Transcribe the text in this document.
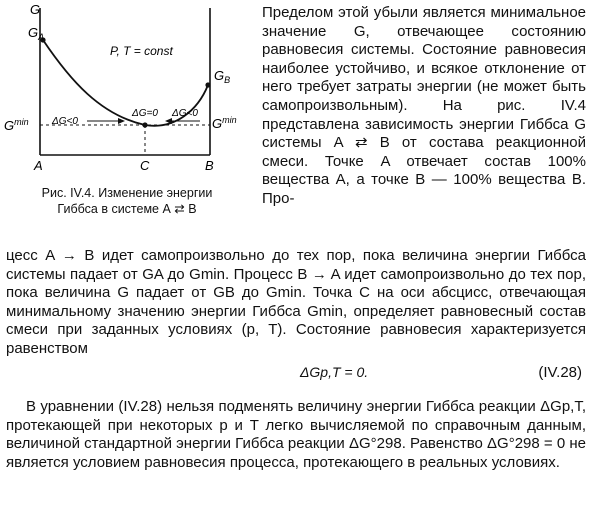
G
$G_A$
$G_B$
$G^{min}$	$G^{min}$
P, T = const
ΔG<0
ΔG=0 ΔG<0
A	C	B
Рис. IV.4. Изменение энергии
Гиббса в системе А ⇄ В

Пределом этой убыли является минимальное значение G, отвечающее состоянию равновесия системы. Состояние равновесия наиболее устойчиво, и всякое отклонение от него требует затраты энергии (не может быть самопроизвольным). На рис. IV.4 представлена зависимость энергии Гиббса G системы A ⇄ B от состава реакционной смеси. Точке A отвечает состав 100% вещества A, а точке B — 100% вещества B. Про-

цесс A → B идет самопроизвольно до тех пор, пока величина энергии Гиббса системы падает от GA до Gmin. Процесс B → A идет самопроизвольно до тех пор, пока величина G падает от GB до Gmin. Точка C на оси абсцисс, отвечающая минимальному значению энергии Гиббса Gmin, определяет равновесный состав смеси при заданных условиях (p, T). Состояние равновесия характеризуется равенством

ΔGp,T = 0.	(IV.28)

В уравнении (IV.28) нельзя подменять величину энергии Гиббса реакции ΔGp,T, протекающей при некоторых p и T легко вычисляемой по справочным данным, величиной стандартной энергии Гиббса реакции ΔG°298. Равенство ΔG°298 = 0 не является условием равновесия процесса, протекающего в реальных условиях.
